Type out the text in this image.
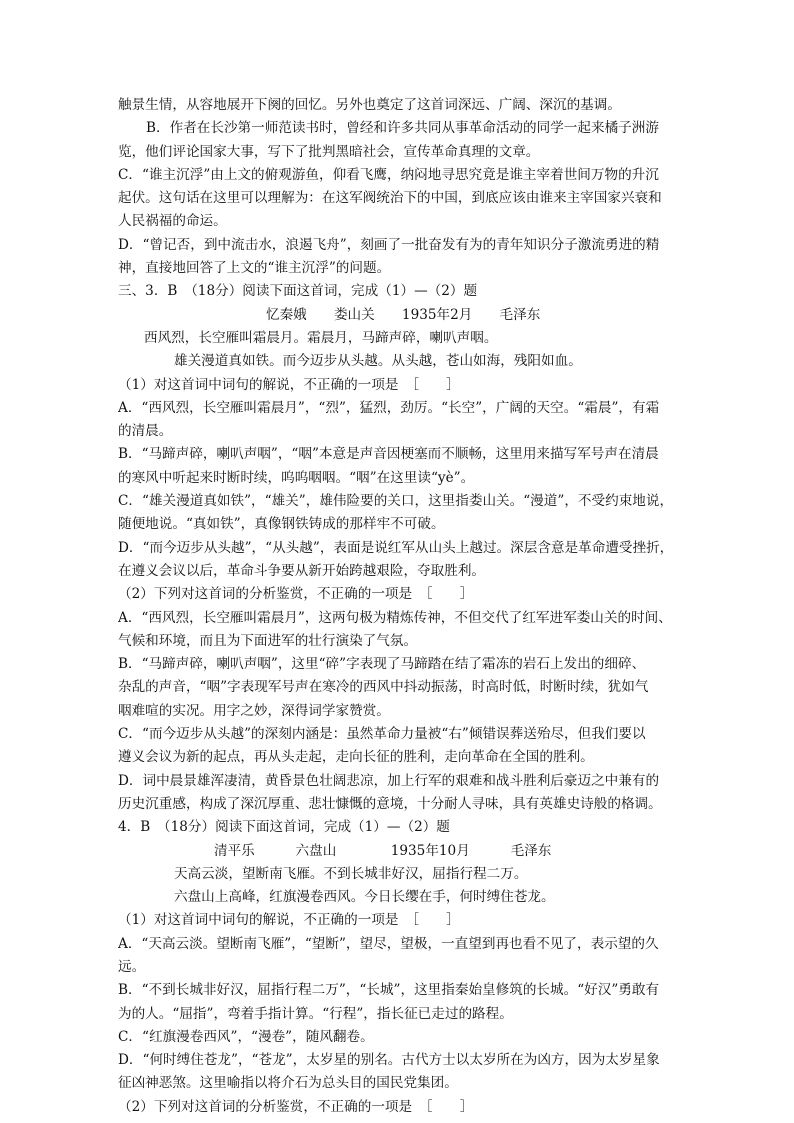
触景生情，从容地展开下阕的回忆。另外也奠定了这首词深远、广阔、深沉的基调。
B．作者在长沙第一师范读书时，曾经和许多共同从事革命活动的同学一起来橘子洲游
览，他们评论国家大事，写下了批判黑暗社会，宣传革命真理的文章。
C．“谁主沉浮”由上文的俯观游鱼，仰看飞鹰，纳闷地寻思究竟是谁主宰着世间万物的升沉
起伏。这句话在这里可以理解为：在这军阀统治下的中国，到底应该由谁来主宰国家兴衰和
人民祸福的命运。
D．“曾记否，到中流击水，浪遏飞舟”，刻画了一批奋发有为的青年知识分子激流勇进的精
神，直接地回答了上文的“谁主沉浮”的问题。
三、3．B　（18分）阅读下面这首词，完成（1）—（2）题
忆秦娥　　娄山关　　1935年2月　　毛泽东
西风烈，长空雁叫霜晨月。霜晨月，马蹄声碎，喇叭声咽。
雄关漫道真如铁。而今迈步从头越。从头越，苍山如海，残阳如血。
（1）对这首词中词句的解说，不正确的一项是　［　　］
A．“西风烈，长空雁叫霜晨月”，“烈”，猛烈，劲厉。“长空”，广阔的天空。“霜晨”，有霜
的清晨。
B．“马蹄声碎，喇叭声咽”，“咽”本意是声音因梗塞而不顺畅，这里用来描写军号声在清晨
的寒风中听起来时断时续，呜呜咽咽。“咽”在这里读“yè”。
C．“雄关漫道真如铁”，“雄关”，雄伟险要的关口，这里指娄山关。“漫道”，不受约束地说，
随便地说。“真如铁”，真像钢铁铸成的那样牢不可破。
D．“而今迈步从头越”，“从头越”，表面是说红军从山头上越过。深层含意是革命遭受挫折，
在遵义会议以后，革命斗争要从新开始跨越艰险，夺取胜利。
（2）下列对这首词的分析鉴赏，不正确的一项是　［　　］
A．“西风烈，长空雁叫霜晨月”，这两句极为精炼传神，不但交代了红军进军娄山关的时间、
气候和环境，而且为下面进军的壮行演染了气氛。
B．“马蹄声碎，喇叭声咽”，这里“碎”字表现了马蹄踏在结了霜冻的岩石上发出的细碎、
杂乱的声音，“咽”字表现军号声在寒冷的西风中抖动振荡，时高时低，时断时续，犹如气
咽难喧的实况。用字之妙，深得词学家赞赏。
C．“而今迈步从头越”的深刻内涵是：虽然革命力量被“右”倾错误葬送殆尽，但我们要以
遵义会议为新的起点，再从头走起，走向长征的胜利，走向革命在全国的胜利。
D．词中晨景雄浑凄清，黄昏景色壮阔悲凉，加上行军的艰难和战斗胜利后豪迈之中兼有的
历史沉重感，构成了深沉厚重、悲壮慷慨的意境，十分耐人寻味，具有英雄史诗般的格调。
4．B　（18分）阅读下面这首词，完成（1）—（2）题
清平乐　　　六盘山　　　　1935年10月　　　毛泽东
天高云淡，望断南飞雁。不到长城非好汉，屈指行程二万。
六盘山上高峰，红旗漫卷西风。今日长缨在手，何时缚住苍龙。
（1）对这首词中词句的解说，不正确的一项是　［　　］
A．“天高云淡。望断南飞雁”，“望断”，望尽，望极，一直望到再也看不见了，表示望的久
远。
B．“不到长城非好汉，屈指行程二万”，“长城”，这里指秦始皇修筑的长城。“好汉”勇敢有
为的人。“屈指”，弯着手指计算。“行程”，指长征已走过的路程。
C．“红旗漫卷西风”，“漫卷”，随风翻卷。
D．“何时缚住苍龙”，“苍龙”，太岁星的别名。古代方士以太岁所在为凶方，因为太岁星象
征凶神恶煞。这里喻指以将介石为总头目的国民党集团。
（2）下列对这首词的分析鉴赏，不正确的一项是　［　　］
